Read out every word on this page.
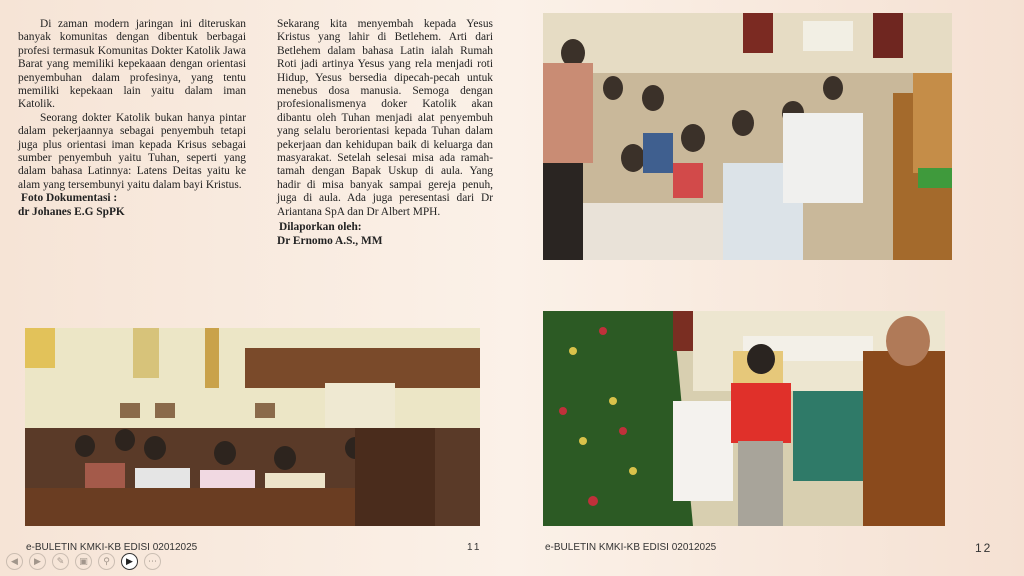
Di zaman modern jaringan ini diteruskan banyak komunitas dengan dibentuk berbagai profesi termasuk Komunitas Dokter Katolik Jawa Barat yang memiliki kepekaaan dengan orientasi penyembuhan dalam profesinya, yang tentu memiliki kepekaan lain yaitu dalam iman Katolik.

Seorang dokter Katolik bukan hanya pintar dalam pekerjaannya sebagai penyembuh tetapi juga plus orientasi iman kepada Krisus sebagai sumber penyembuh yaitu Tuhan, seperti yang dalam bahasa Latinnya: Latens Deitas yaitu ke alam yang tersembunyi yaitu dalam bayi Kristus.

Foto Dokumentasi :

dr Johanes E.G SpPK

Sekarang kita menyembah kepada Yesus Kristus yang lahir di Betlehem. Arti dari Betlehem dalam bahasa Latin ialah Rumah Roti jadi artinya Yesus yang rela menjadi roti Hidup, Yesus bersedia dipecah-pecah untuk menebus dosa manusia. Semoga dengan profesionalismenya doker Katolik akan dibantu oleh Tuhan menjadi alat penyembuh yang selalu berorientasi kepada Tuhan dalam pekerjaan dan kehidupan baik di keluarga dan masyarakat. Setelah selesai misa ada ramah-tamah dengan Bapak Uskup di aula. Yang hadir di misa banyak sampai gereja penuh, juga di aula. Ada juga peresentasi dari Dr Ariantana SpA dan Dr Albert MPH.

Dilaporkan oleh:

Dr Ernomo A.S., MM

e-BULETIN KMKI-KB EDISI 02012025	11	e-BULETIN KMKI-KB EDISI 02012025	12
◀	▶	✎	▣	⚲	▶	⋯
